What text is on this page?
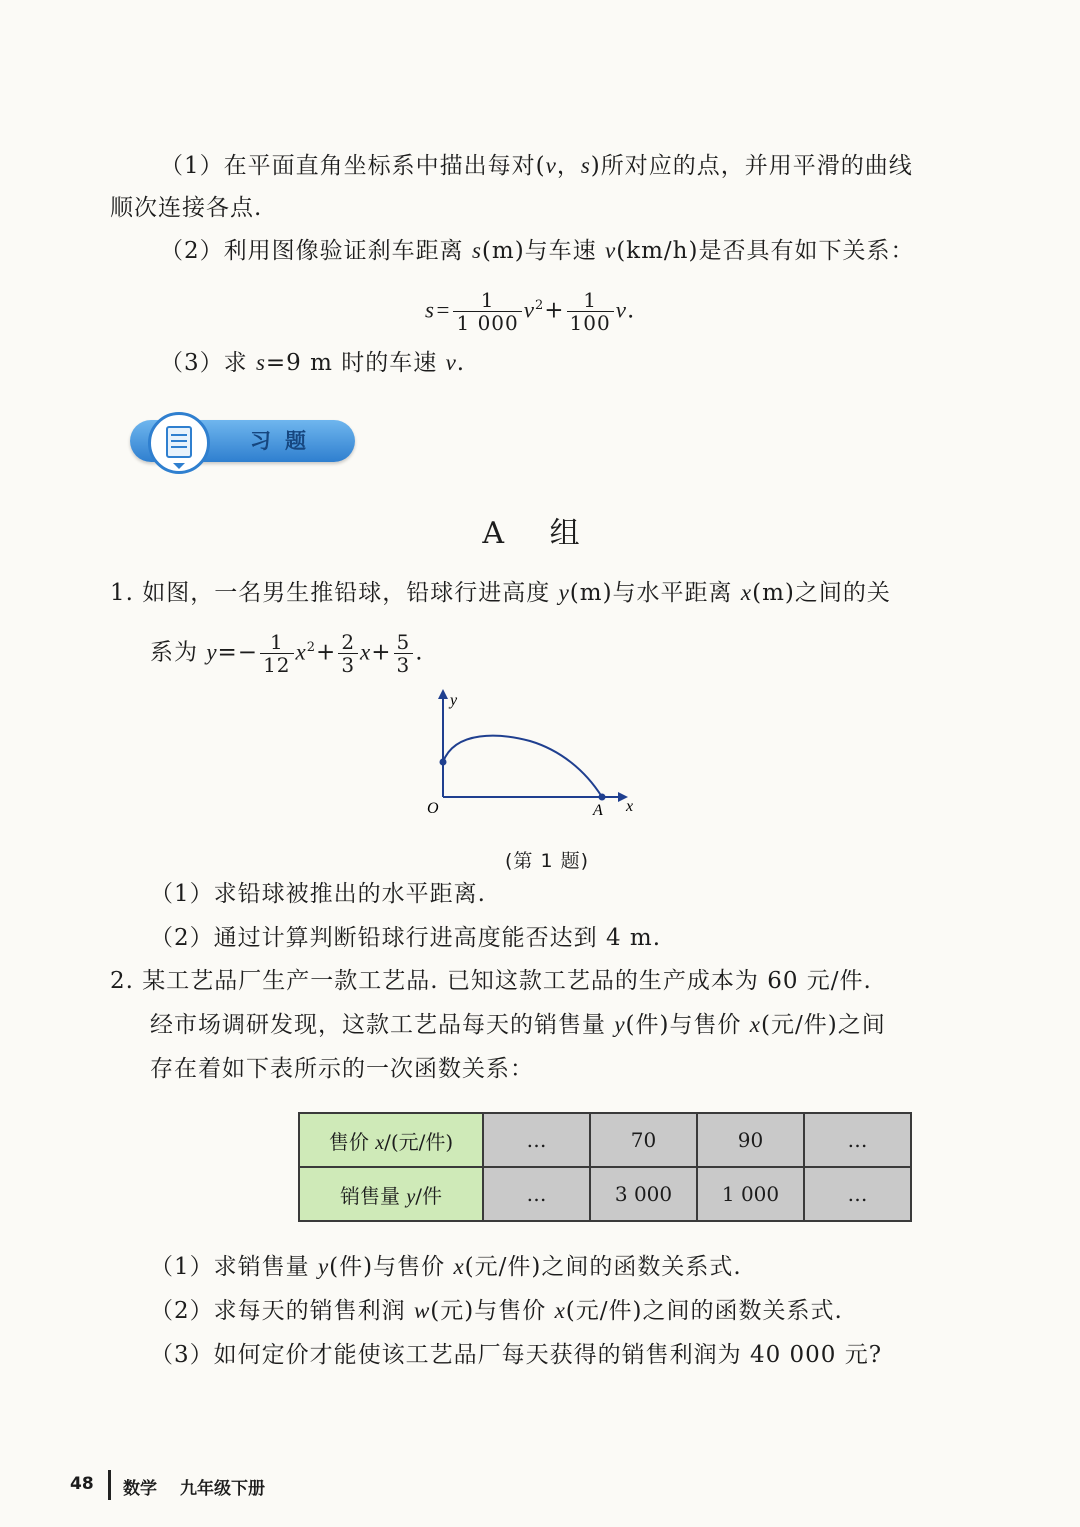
（1）在平面直角坐标系中描出每对(v，s)所对应的点，并用平滑的曲线
顺次连接各点.
（2）利用图像验证刹车距离 s(m)与车速 v(km/h)是否具有如下关系：
$s= \frac{1}{1 000} v^2+ \frac{1}{100} v$.
（3）求 s=9 m 时的车速 v.
习题
A 组
1. 如图，一名男生推铅球，铅球行进高度 y(m)与水平距离 x(m)之间的关
系为 $y=- \frac{1}{12} x^2+ \frac{2}{3} x+ \frac{5}{3}$ .
y
x
O	A
(第 1 题)
（1）求铅球被推出的水平距离.
（2）通过计算判断铅球行进高度能否达到 4 m.
2. 某工艺品厂生产一款工艺品. 已知这款工艺品的生产成本为 60 元/件.
经市场调研发现，这款工艺品每天的销售量 y(件)与售价 x(元/件)之间
存在着如下表所示的一次函数关系：
售价 x/(元/件)	…	70	90	…
销售量 y/件	…	3 000	1 000	…
（1）求销售量 y(件)与售价 x(元/件)之间的函数关系式.
（2）求每天的销售利润 w(元)与售价 x(元/件)之间的函数关系式.
（3）如何定价才能使该工艺品厂每天获得的销售利润为 40 000 元?
48 数学 九年级下册
